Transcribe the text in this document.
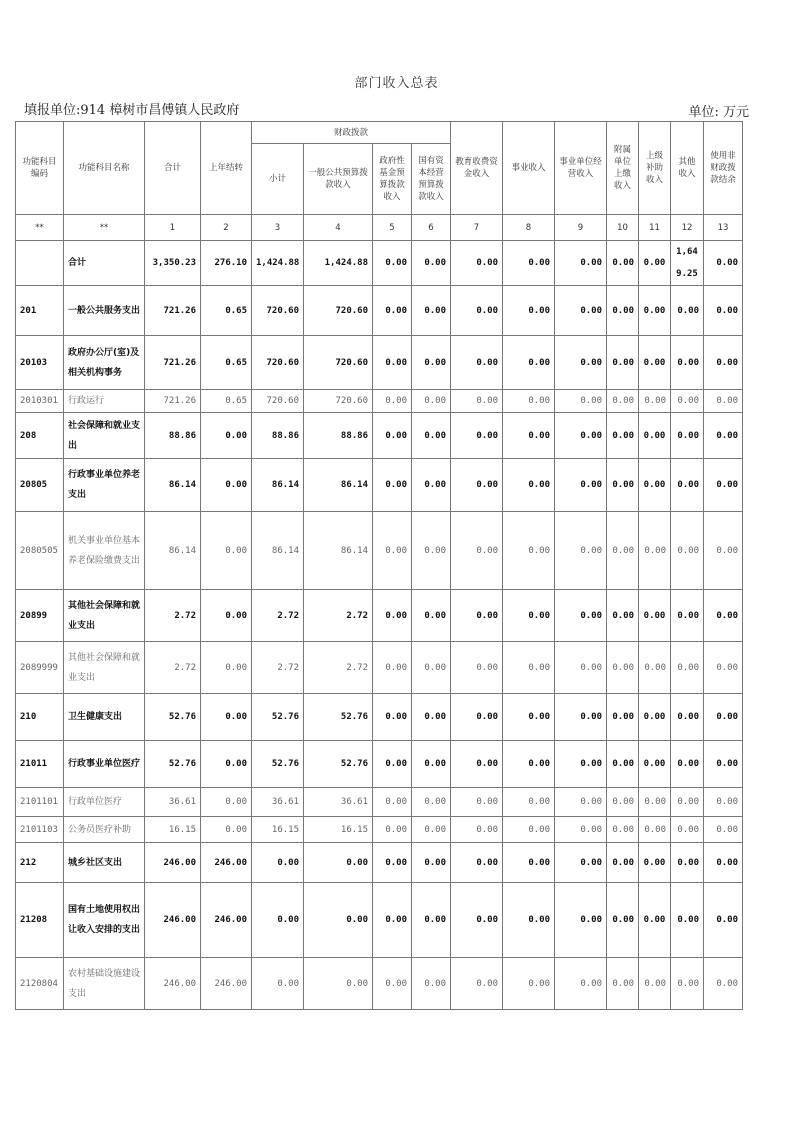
部门收入总表
填报单位:914 樟树市昌傅镇人民政府	单位: 万元
功能科目编码	功能科目名称	合计	上年结转	财政拨款				教育收费资金收入	事业收入	事业单位经营收入	附属单位上缴收入	上级补助收入	其他收入	使用非财政拨款结余
				小计	一般公共预算拨款收入	政府性基金预算拨款收入	国有资本经营预算拨款收入							
**	**	1	2	3	4	5	6	7	8	9	10	11	12	13
	合计	3,350.23	276.10	1,424.88	1,424.88	0.00	0.00	0.00	0.00	0.00	0.00	0.00	1,649.25	0.00
201	一般公共服务支出	721.26	0.65	720.60	720.60	0.00	0.00	0.00	0.00	0.00	0.00	0.00	0.00	0.00
20103	政府办公厅(室)及相关机构事务	721.26	0.65	720.60	720.60	0.00	0.00	0.00	0.00	0.00	0.00	0.00	0.00	0.00
2010301	行政运行	721.26	0.65	720.60	720.60	0.00	0.00	0.00	0.00	0.00	0.00	0.00	0.00	0.00
208	社会保障和就业支出	88.86	0.00	88.86	88.86	0.00	0.00	0.00	0.00	0.00	0.00	0.00	0.00	0.00
20805	行政事业单位养老支出	86.14	0.00	86.14	86.14	0.00	0.00	0.00	0.00	0.00	0.00	0.00	0.00	0.00
2080505	机关事业单位基本养老保险缴费支出	86.14	0.00	86.14	86.14	0.00	0.00	0.00	0.00	0.00	0.00	0.00	0.00	0.00
20899	其他社会保障和就业支出	2.72	0.00	2.72	2.72	0.00	0.00	0.00	0.00	0.00	0.00	0.00	0.00	0.00
2089999	其他社会保障和就业支出	2.72	0.00	2.72	2.72	0.00	0.00	0.00	0.00	0.00	0.00	0.00	0.00	0.00
210	卫生健康支出	52.76	0.00	52.76	52.76	0.00	0.00	0.00	0.00	0.00	0.00	0.00	0.00	0.00
21011	行政事业单位医疗	52.76	0.00	52.76	52.76	0.00	0.00	0.00	0.00	0.00	0.00	0.00	0.00	0.00
2101101	行政单位医疗	36.61	0.00	36.61	36.61	0.00	0.00	0.00	0.00	0.00	0.00	0.00	0.00	0.00
2101103	公务员医疗补助	16.15	0.00	16.15	16.15	0.00	0.00	0.00	0.00	0.00	0.00	0.00	0.00	0.00
212	城乡社区支出	246.00	246.00	0.00	0.00	0.00	0.00	0.00	0.00	0.00	0.00	0.00	0.00	0.00
21208	国有土地使用权出让收入安排的支出	246.00	246.00	0.00	0.00	0.00	0.00	0.00	0.00	0.00	0.00	0.00	0.00	0.00
2120804	农村基础设施建设支出	246.00	246.00	0.00	0.00	0.00	0.00	0.00	0.00	0.00	0.00	0.00	0.00	0.00
